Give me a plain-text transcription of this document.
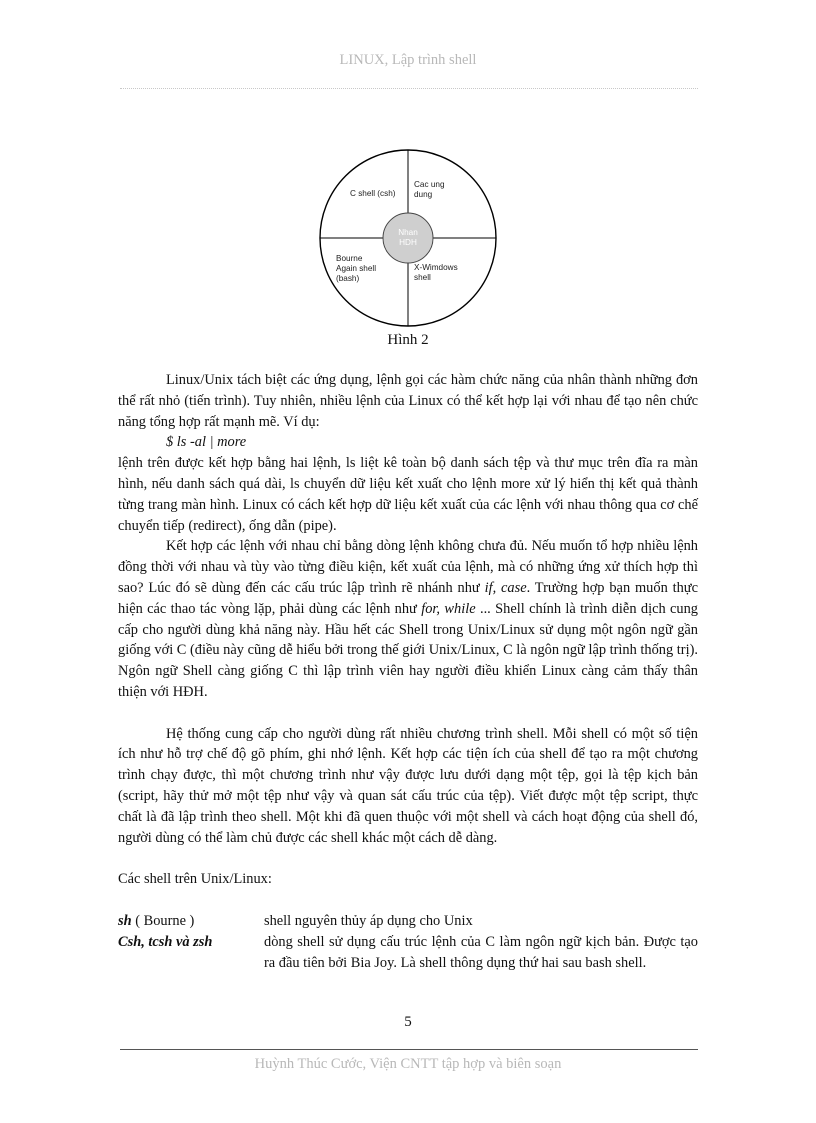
LINUX, Lập trình shell
Nhan
HDH
C shell (csh)
Cac ung
dung
Bourne
Again shell
(bash)
X-Wimdows
shell
Hình 2

Linux/Unix tách biệt các ứng dụng, lệnh gọi các hàm chức năng của nhân thành những đơn thể rất nhỏ (tiến trình). Tuy nhiên, nhiều lệnh của Linux có thể kết hợp lại với nhau để tạo nên chức năng tổng hợp rất mạnh mẽ. Ví dụ:

$ ls -al | more

lệnh trên được kết hợp bằng hai lệnh, ls liệt kê toàn bộ danh sách tệp và thư mục trên đĩa ra màn hình, nếu danh sách quá dài, ls chuyển dữ liệu kết xuất cho lệnh more xử lý hiển thị kết quả thành từng trang màn hình. Linux có cách kết hợp dữ liệu kết xuất của các lệnh với nhau thông qua cơ chế chuyển tiếp (redirect), ống dẫn (pipe).

Kết hợp các lệnh với nhau chỉ bằng dòng lệnh không chưa đủ. Nếu muốn tổ hợp nhiều lệnh đồng thời với nhau và tùy vào từng điều kiện, kết xuất của lệnh, mà có những ứng xử thích hợp thì sao? Lúc đó sẽ dùng đến các cấu trúc lập trình rẽ nhánh như if, case. Trường hợp bạn muốn thực hiện các thao tác vòng lặp, phải dùng các lệnh như for, while ... Shell chính là trình diễn dịch cung cấp cho người dùng khả năng này. Hầu hết các Shell trong Unix/Linux sử dụng một ngôn ngữ gần giống với C (điều này cũng dễ hiểu bởi trong thế giới Unix/Linux, C là ngôn ngữ lập trình thống trị). Ngôn ngữ Shell càng giống C thì lập trình viên hay người điều khiển Linux càng cảm thấy thân thiện với HĐH.

Hệ thống cung cấp cho người dùng rất nhiều chương trình shell. Mỗi shell có một số tiện ích như hỗ trợ chế độ gõ phím, ghi nhớ lệnh. Kết hợp các tiện ích của shell để tạo ra một chương trình chạy được, thì một chương trình như vậy được lưu dưới dạng một tệp, gọi là tệp kịch bản (script, hãy thử mở một tệp như vậy và quan sát cấu trúc của tệp). Viết được một tệp script, thực chất là đã lập trình theo shell. Một khi đã quen thuộc với một shell và cách hoạt động của shell đó, người dùng có thể làm chủ được các shell khác một cách dễ dàng.

Các shell trên Unix/Linux:

sh ( Bourne )	shell nguyên thủy áp dụng cho Unix
Csh, tcsh và zsh	dòng shell sử dụng cấu trúc lệnh của C làm ngôn ngữ kịch bản. Được tạo ra đầu tiên bởi Bia Joy. Là shell thông dụng thứ hai sau bash shell.
5
Huỳnh Thúc Cước, Viện CNTT tập hợp và biên soạn
